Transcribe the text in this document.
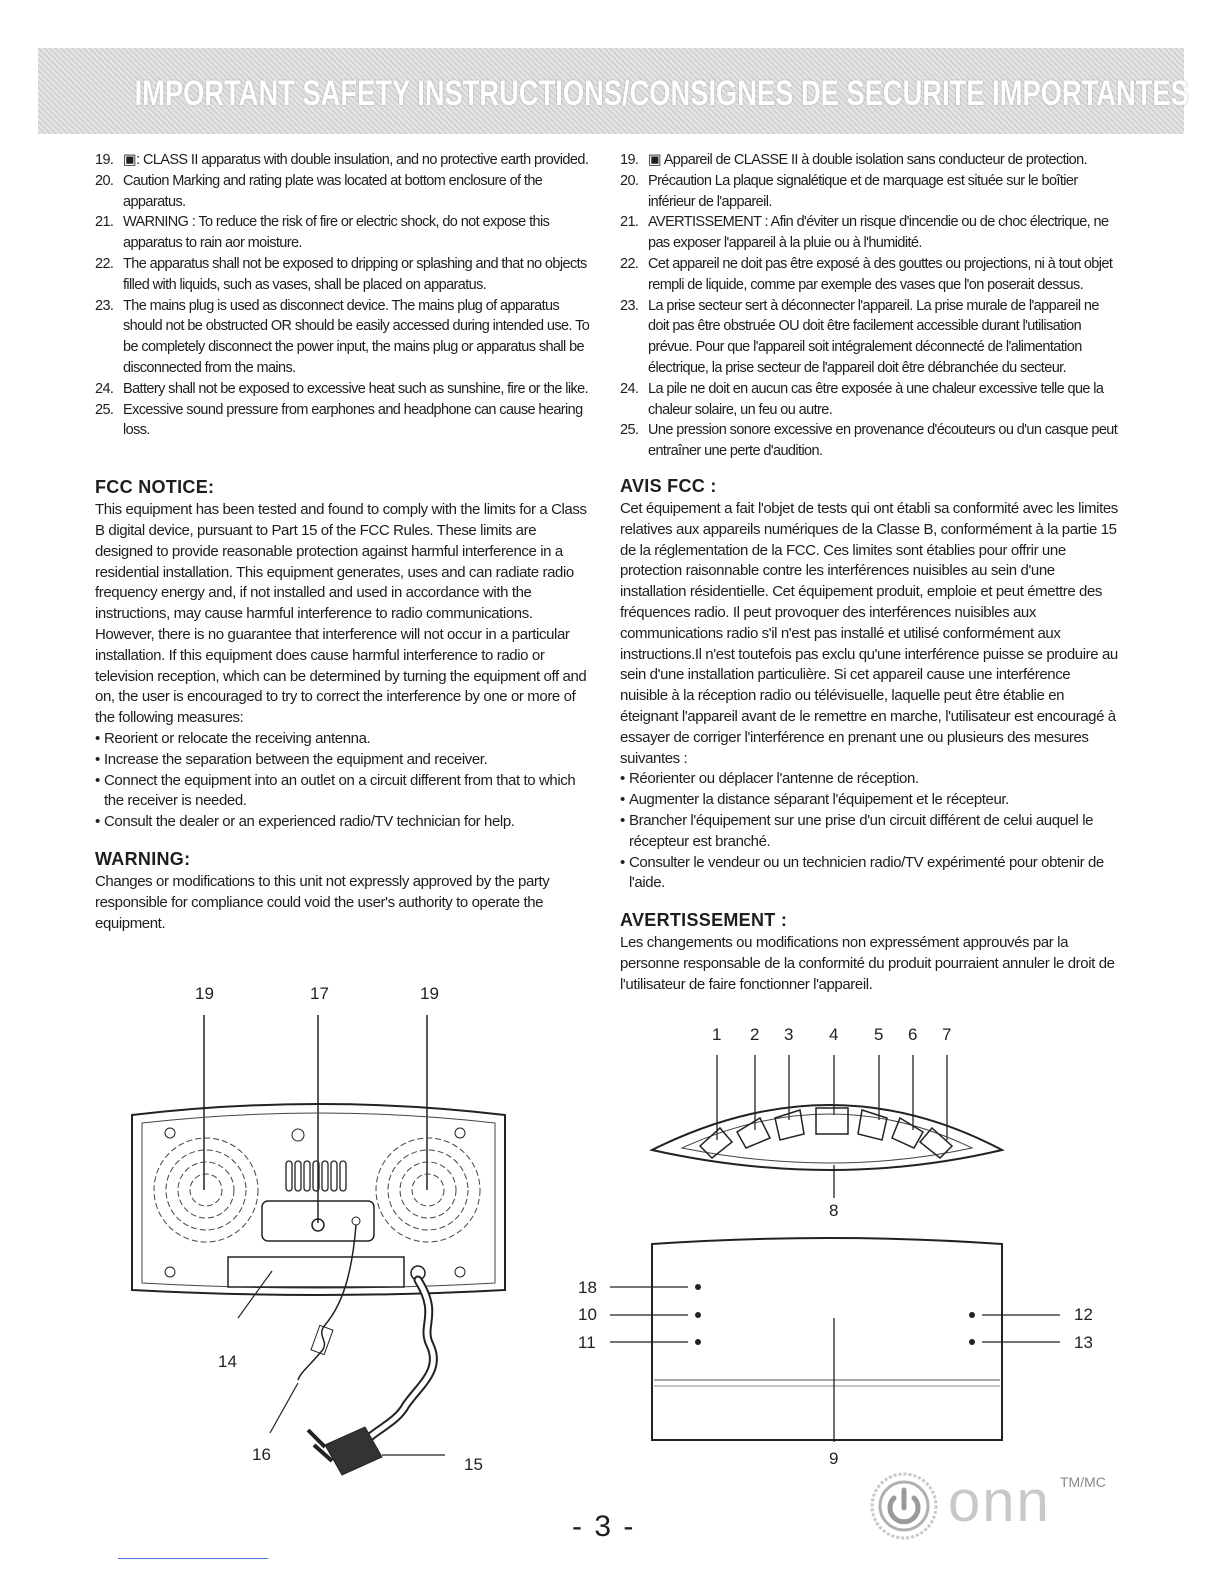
IMPORTANT SAFETY INSTRUCTIONS/CONSIGNES DE SECURITE IMPORTANTES
19. ▣: CLASS II apparatus with double insulation, and no protective earth provided.
20. Caution Marking and rating plate was located at bottom enclosure of the apparatus.
21. WARNING : To reduce the risk of fire or electric shock, do not expose this apparatus to rain aor moisture.
22. The apparatus shall not be exposed to dripping or splashing and that no objects filled with liquids, such as vases, shall be placed on apparatus.
23. The mains plug is used as disconnect device. The mains plug of apparatus should not be obstructed OR should be easily accessed during intended use. To be completely disconnect the power input, the mains plug or apparatus shall be disconnected from the mains.
24. Battery shall not be exposed to excessive heat such as sunshine, fire or the like.
25. Excessive sound pressure from earphones and headphone can cause hearing loss.
FCC NOTICE:
This equipment has been tested and found to comply with the limits for a Class B digital device, pursuant to Part 15 of the FCC Rules. These limits are designed to provide reasonable protection against harmful interference in a residential installation. This equipment generates, uses and can radiate radio frequency energy and, if not installed and used in accordance with the instructions, may cause harmful interference to radio communications. However, there is no guarantee that interference will not occur in a particular installation. If this equipment does cause harmful interference to radio or television reception, which can be determined by turning the equipment off and on, the user is encouraged to try to correct the interference by one or more of the following measures:
• Reorient or relocate the receiving antenna.
• Increase the separation between the equipment and receiver.
• Connect the equipment into an outlet on a circuit different from that to which the receiver is needed.
• Consult the dealer or an experienced radio/TV technician for help.
WARNING:
Changes or modifications to this unit not expressly approved by the party responsible for compliance could void the user's authority to operate the equipment.
19. ▣ Appareil de CLASSE II à double isolation sans conducteur de protection.
20. Précaution La plaque signalétique et de marquage est située sur le boîtier inférieur de l'appareil.
21. AVERTISSEMENT : Afin d'éviter un risque d'incendie ou de choc électrique, ne pas exposer l'appareil à la pluie ou à l'humidité.
22. Cet appareil ne doit pas être exposé à des gouttes ou projections, ni à tout objet rempli de liquide, comme par exemple des vases que l'on poserait dessus.
23. La prise secteur sert à déconnecter l'appareil. La prise murale de l'appareil ne doit pas être obstruée OU doit être facilement accessible durant l'utilisation prévue. Pour que l'appareil soit intégralement déconnecté de l'alimentation électrique, la prise secteur de l'appareil doit être débranchée du secteur.
24. La pile ne doit en aucun cas être exposée à une chaleur excessive telle que la chaleur solaire, un feu ou autre.
25. Une pression sonore excessive en provenance d'écouteurs ou d'un casque peut entraîner une perte d'audition.
AVIS FCC :
Cet équipement a fait l'objet de tests qui ont établi sa conformité avec les limites relatives aux appareils numériques de la Classe B, conformément à la partie 15 de la réglementation de la FCC. Ces limites sont établies pour offrir une protection raisonnable contre les interférences nuisibles au sein d'une installation résidentielle. Cet équipement produit, emploie et peut émettre des fréquences radio. Il peut provoquer des interférences nuisibles aux communications radio s'il n'est pas installé et utilisé conformément aux instructions.Il n'est toutefois pas exclu qu'une interférence puisse se produire au sein d'une installation particulière. Si cet appareil cause une interférence nuisible à la réception radio ou télévisuelle, laquelle peut être établie en éteignant l'appareil avant de le remettre en marche, l'utilisateur est encouragé à essayer de corriger l'interférence en prenant une ou plusieurs des mesures suivantes :
• Réorienter ou déplacer l'antenne de réception.
• Augmenter la distance séparant l'équipement et le récepteur.
• Brancher l'équipement sur une prise d'un circuit différent de celui auquel le récepteur est branché.
• Consulter le vendeur ou un technicien radio/TV expérimenté pour obtenir de l'aide.
AVERTISSEMENT :
Les changements ou modifications non expressément approuvés par la personne responsable de la conformité du produit pourraient annuler le droit de l'utilisateur de faire fonctionner l'appareil.
19	17	19
14
16
15
1 2 3 4 5 6 7
8
18
10
11
12
13
9
- 3 -	onn TM/MC
